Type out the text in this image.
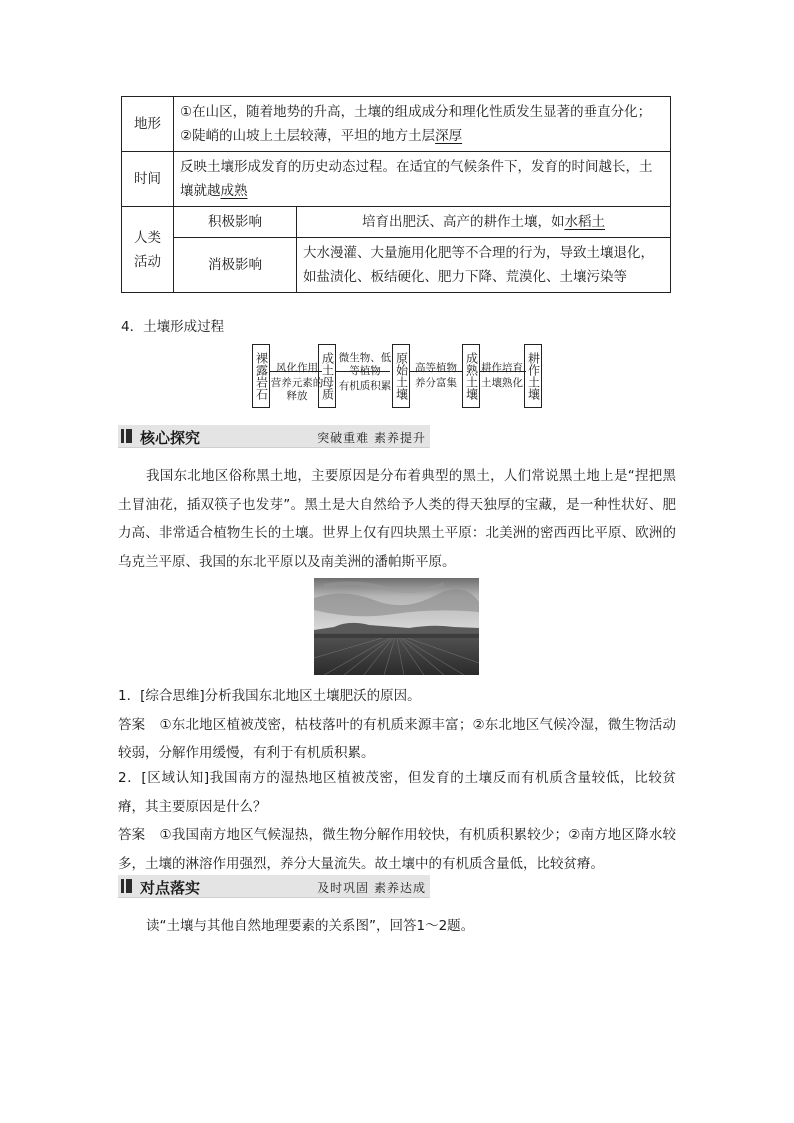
地形	①在山区，随着地势的升高，土壤的组成成分和理化性质发生显著的垂直分化；
②陡峭的山坡上土层较薄，平坦的地方土层深厚	

时间	反映土壤形成发育的历史动态过程。在适宜的气候条件下，发育的时间越长，土壤就越成熟	

人类
活动	积极影响	培育出肥沃、高产的耕作土壤，如水稻土
	消极影响	大水漫灌、大量施用化肥等不合理的行为，导致土壤退化，如盐渍化、板结硬化、肥力下降、荒漠化、土壤污染等
4．土壤形成过程
裸露岩石 风化作用
营养元素的释放	成土母质 微生物、低等植物
有机质积累 原始土壤 高等植物
养分富集 成熟土壤 耕作培育
土壤熟化 耕作土壤
核心探究	突破重难 素养提升
我国东北地区俗称黑土地，主要原因是分布着典型的黑土，人们常说黑土地上是“捏把黑土冒油花，插双筷子也发芽”。黑土是大自然给予人类的得天独厚的宝藏，是一种性状好、肥力高、非常适合植物生长的土壤。世界上仅有四块黑土平原：北美洲的密西西比平原、欧洲的乌克兰平原、我国的东北平原以及南美洲的潘帕斯平原。
1．[综合思维]分析我国东北地区土壤肥沃的原因。
答案 ①东北地区植被茂密，枯枝落叶的有机质来源丰富；②东北地区气候冷湿，微生物活动较弱，分解作用缓慢，有利于有机质积累。
2．[区域认知]我国南方的湿热地区植被茂密，但发育的土壤反而有机质含量较低，比较贫瘠，其主要原因是什么？
答案 ①我国南方地区气候湿热，微生物分解作用较快，有机质积累较少；②南方地区降水较多，土壤的淋溶作用强烈，养分大量流失。故土壤中的有机质含量低，比较贫瘠。
对点落实	及时巩固 素养达成
读“土壤与其他自然地理要素的关系图”，回答1～2题。
